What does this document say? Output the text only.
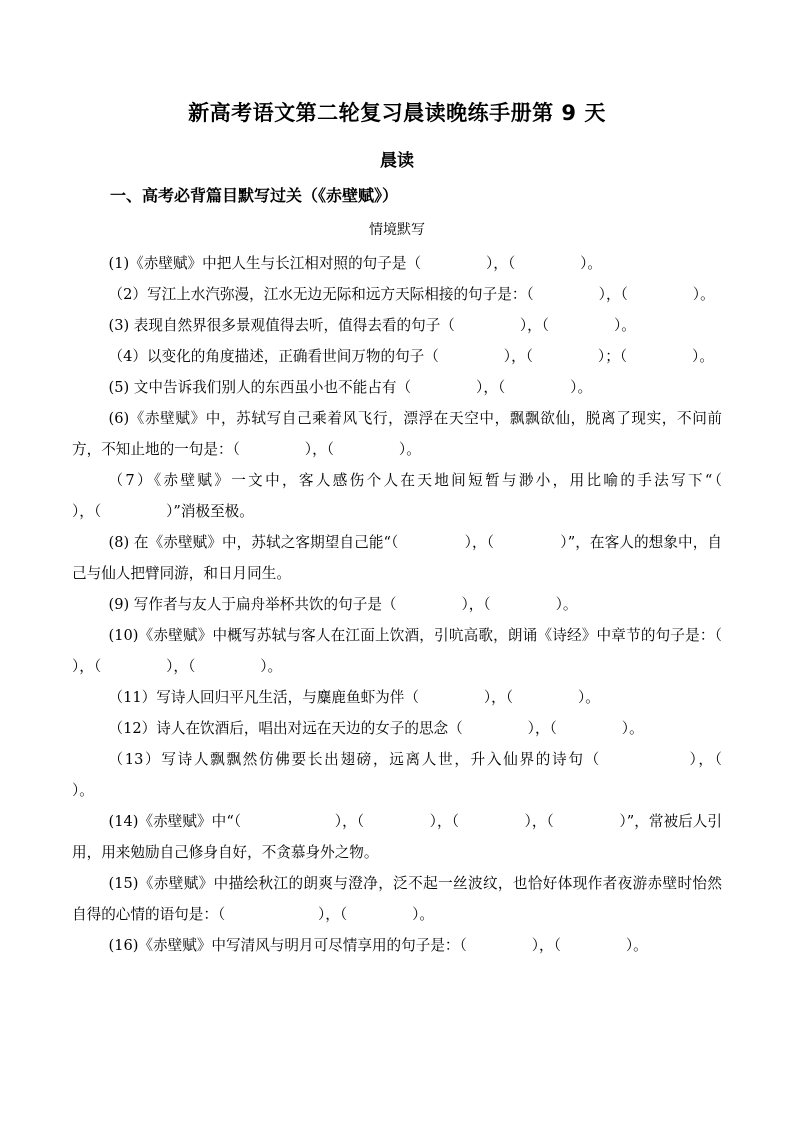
新高考语文第二轮复习晨读晚练手册第 9 天
晨读
一、高考必背篇目默写过关（《赤壁赋》）
情境默写

(1)《赤壁赋》中把人生与长江相对照的句子是（              ），（              ）。

（2）写江上水汽弥漫，江水无边无际和远方天际相接的句子是：（              ），（              ）。

(3) 表现自然界很多景观值得去听，值得去看的句子（              ），（              ）。

（4）以变化的角度描述，正确看世间万物的句子（              ），（              ）；（              ）。

(5) 文中告诉我们别人的东西虽小也不能占有（              ），（              ）。

(6)《赤壁赋》中，苏轼写自己乘着风飞行，漂浮在天空中，飘飘欲仙，脱离了现实，不问前方，不知止地的一句是：（              ），（              ）。

（7）《赤壁赋》一文中，客人感伤个人在天地间短暂与渺小，用比喻的手法写下“（              ），（              ）”消极至极。

(8) 在《赤壁赋》中，苏轼之客期望自己能“（              ），（              ）”，在客人的想象中，自己与仙人把臂同游，和日月同生。

(9) 写作者与友人于扁舟举杯共饮的句子是（              ），（              ）。

(10)《赤壁赋》中概写苏轼与客人在江面上饮酒，引吭高歌，朗诵《诗经》中章节的句子是：（              ），（              ），（              ）。

（11）写诗人回归平凡生活，与麋鹿鱼虾为伴（              ），（              ）。

（12）诗人在饮酒后，唱出对远在天边的女子的思念（              ），（              ）。

（13）写诗人飘飘然仿佛要长出翅磅，远离人世，升入仙界的诗句（              ），（              ）。

(14)《赤壁赋》中“（                    ），（              ），（              ），（              ）”，常被后人引用，用来勉励自己修身自好，不贪慕身外之物。

(15)《赤壁赋》中描绘秋江的朗爽与澄净，泛不起一丝波纹，也恰好体现作者夜游赤壁时怡然自得的心情的语句是：（                    ），（              ）。

(16)《赤壁赋》中写清风与明月可尽情享用的句子是：（              ），（              ）。
